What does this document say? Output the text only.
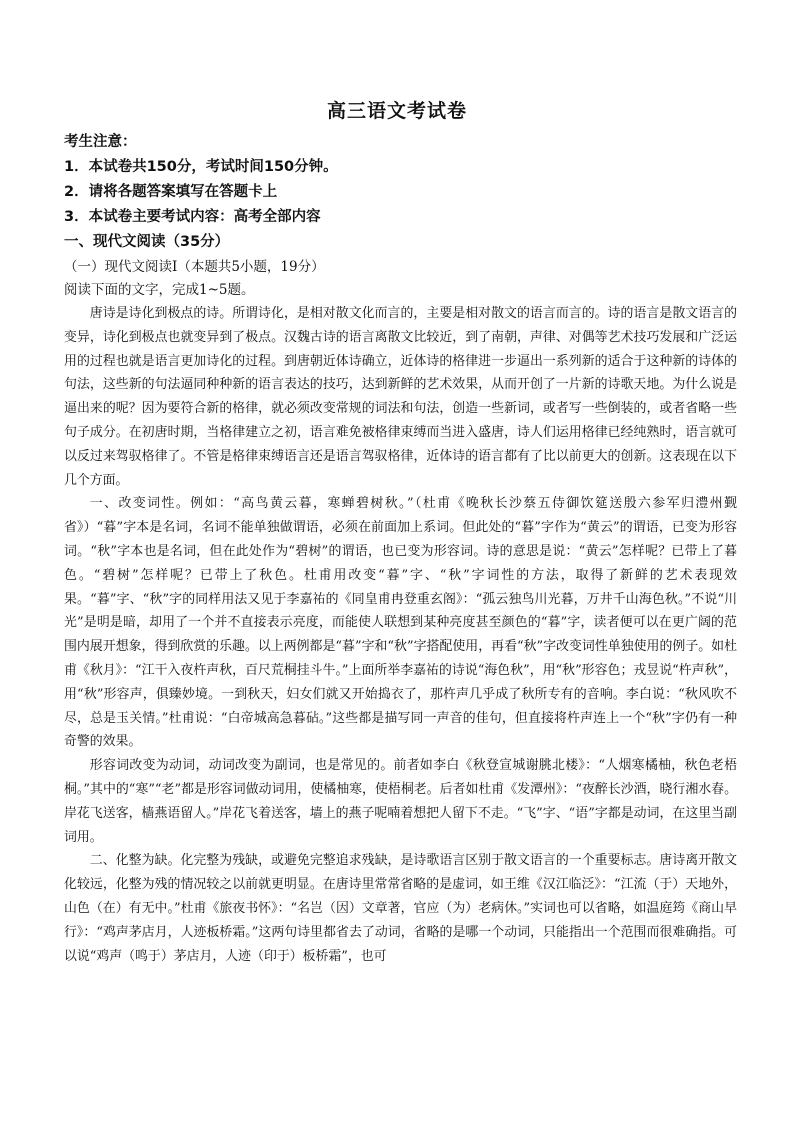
高三语文考试卷
考生注意：
1．本试卷共150分，考试时间150分钟。
2．请将各题答案填写在答题卡上
3．本试卷主要考试内容：高考全部内容
一、现代文阅读（35分）
（一）现代文阅读Ⅰ（本题共5小题，19分）
阅读下面的文字，完成1~5题。

唐诗是诗化到极点的诗。所谓诗化，是相对散文化而言的，主要是相对散文的语言而言的。诗的语言是散文语言的变异，诗化到极点也就变异到了极点。汉魏古诗的语言离散文比较近，到了南朝，声律、对偶等艺术技巧发展和广泛运用的过程也就是语言更加诗化的过程。到唐朝近体诗确立，近体诗的格律进一步逼出一系列新的适合于这种新的诗体的句法，这些新的句法逼同种种新的语言表达的技巧，达到新鲜的艺术效果，从而开创了一片新的诗歌天地。为什么说是逼出来的呢？因为要符合新的格律，就必须改变常规的词法和句法，创造一些新词，或者写一些倒装的，或者省略一些句子成分。在初唐时期，当格律建立之初，语言难免被格律束缚而当进入盛唐，诗人们运用格律已经纯熟时，语言就可以反过来驾驭格律了。不管是格律束缚语言还是语言驾驭格律，近体诗的语言都有了比以前更大的创新。这表现在以下几个方面。

一、改变词性。例如：“高鸟黄云暮，寒蝉碧树秋。”（杜甫《晚秋长沙蔡五侍御饮筵送殷六参军归澧州觐省》）“暮”字本是名词，名词不能单独做谓语，必须在前面加上系词。但此处的“暮”字作为“黄云”的谓语，已变为形容词。“秋”字本也是名词，但在此处作为“碧树”的谓语，也已变为形容词。诗的意思是说：“黄云”怎样呢？已带上了暮色。“碧树”怎样呢？已带上了秋色。杜甫用改变“暮”字、“秋”字词性的方法，取得了新鲜的艺术表现效果。“暮”字、“秋”字的同样用法又见于李嘉祐的《同皇甫冉登重玄阁》：“孤云独鸟川光暮，万井千山海色秋。”不说“川光”是明是暗，却用了一个并不直接表示亮度，而能使人联想到某种亮度甚至颜色的“暮”字，读者便可以在更广阔的范围内展开想象，得到欣赏的乐趣。以上两例都是“暮”字和“秋”字搭配使用，再看“秋”字改变词性单独使用的例子。如杜甫《秋月》：“江干入夜杵声秋，百尺荒桐挂斗牛。”上面所举李嘉祐的诗说“海色秋”，用“秋”形容色；戎昱说“杵声秋”，用“秋”形容声，俱臻妙境。一到秋天，妇女们就又开始捣衣了，那杵声几乎成了秋所专有的音响。李白说：“秋风吹不尽，总是玉关情。”杜甫说：“白帝城高急暮砧。”这些都是描写同一声音的佳句，但直接将杵声连上一个“秋”字仍有一种奇警的效果。

形容词改变为动词，动词改变为副词，也是常见的。前者如李白《秋登宣城谢朓北楼》：“人烟寒橘柚，秋色老梧桐。”其中的“寒”“老”都是形容词做动词用，使橘柚寒，使梧桐老。后者如杜甫《发潭州》：“夜醉长沙酒，晓行湘水春。岸花飞送客，樯燕语留人。”岸花飞着送客，墙上的燕子呢喃着想把人留下不走。“飞”字、“语”字都是动词，在这里当副词用。

二、化整为缺。化完整为残缺，或避免完整追求残缺，是诗歌语言区别于散文语言的一个重要标志。唐诗离开散文化较远，化整为残的情况较之以前就更明显。在唐诗里常常省略的是虚词，如王维《汉江临泛》：“江流（于）天地外，山色（在）有无中。”杜甫《旅夜书怀》：“名岂（因）文章著，官应（为）老病休。”实词也可以省略，如温庭筠《商山早行》：“鸡声茅店月，人迹板桥霜。”这两句诗里都省去了动词，省略的是哪一个动词，只能指出一个范围而很难确指。可以说“鸡声（鸣于）茅店月，人迹（印于）板桥霜”，也可
